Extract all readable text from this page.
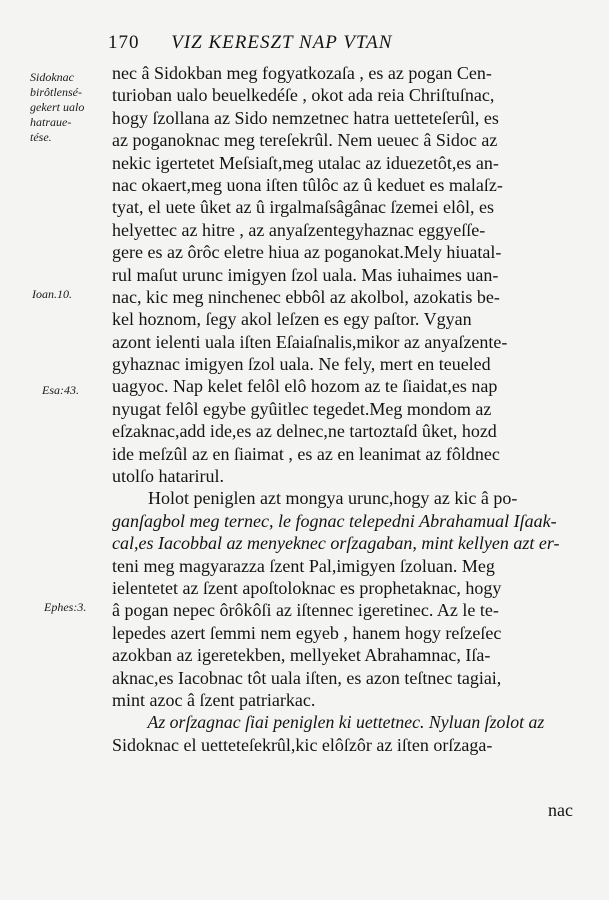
170 VIZ KERESZT NAP VTAN
Sidoknac
birôtlensé-
gekert ualo
hatraue-
tése.
Ioan.10.
Esa:43.
Ephes:3.
nec â Sidokban meg fogyatkozaſa , es az pogan Cen-
turioban ualo beuelkedéſe , okot ada reia Chriſtuſnac,
hogy ſzollana az Sido nemzetnec hatra uetteteſerûl, es
az poganoknac meg tereſekrûl. Nem ueuec â Sidoc az
nekic igertetet Meſsiaſt,meg utalac az iduezetôt,es an-
nac okaert,meg uona iſten tûlôc az û keduet es malaſz-
tyat, el uete ûket az û irgalmaſsâgânac ſzemei elôl, es
helyettec az hitre , az anyaſzentegyhaznac eggyeſſe-
gere es az ôrôc eletre hiua az poganokat.Mely hiuatal-
rul maſut urunc imigyen ſzol uala. Mas iuhaimes uan-
nac, kic meg ninchenec ebbôl az akolbol, azokatis be-
kel hoznom, ſegy akol leſzen es egy paſtor. Vgyan
azont ielenti uala iſten Eſaiaſnalis,mikor az anyaſzente-
gyhaznac imigyen ſzol uala. Ne fely, mert en teueled
uagyoc. Nap kelet felôl elô hozom az te ſiaidat,es nap
nyugat felôl egybe gyûitlec tegedet.Meg mondom az
eſzaknac,add ide,es az delnec,ne tartoztaſd ûket, hozd
ide meſzûl az en ſiaimat , es az en leanimat az fôldnec
utolſo hatarirul.
Holot peniglen azt mongya urunc,hogy az kic â po-
ganſagbol meg ternec, le fognac telepedni Abrahamual Iſaak-
cal,es Iacobbal az menyeknec orſzagaban, mint kellyen azt er-
teni meg magyarazza ſzent Pal,imigyen ſzoluan. Meg
ielentetet az ſzent apoſtoloknac es prophetaknac, hogy
â pogan nepec ôrôkôſi az iſtennec igeretinec. Az le te-
lepedes azert ſemmi nem egyeb , hanem hogy reſzeſec
azokban az igeretekben, mellyeket Abrahamnac, Iſa-
aknac,es Iacobnac tôt uala iſten, es azon teſtnec tagiai,
mint azoc â ſzent patriarkac.
Az orſzagnac ſiai peniglen ki uettetnec. Nyluan ſzolot az
Sidoknac el uetteteſekrûl,kic elôſzôr az iſten orſzaga-
nac
